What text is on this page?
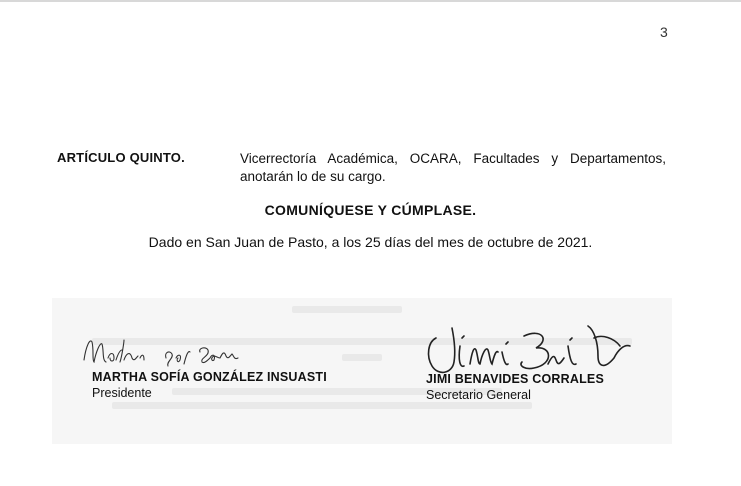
3
ARTÍCULO QUINTO.	Vicerrectoría Académica, OCARA, Facultades y Departamentos, anotarán lo de su cargo.
COMUNÍQUESE Y CÚMPLASE.
Dado en San Juan de Pasto, a los 25 días del mes de octubre de 2021.
MARTHA SOFÍA GONZÁLEZ INSUASTI
Presidente
JIMI BENAVIDES CORRALES
Secretario General
